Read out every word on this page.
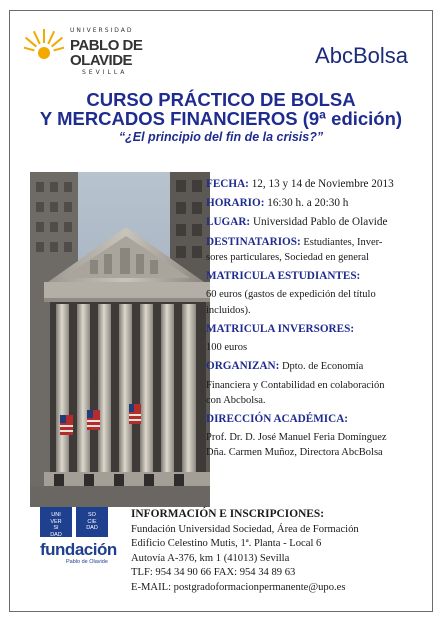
UNIVERSIDAD
PABLO DE
OLAVIDE
SEVILLA
AbcBolsa
CURSO PRÁCTICO DE BOLSA
Y MERCADOS FINANCIEROS (9ª edición)
“¿El principio del fin de la crisis?”
FECHA: 12, 13 y 14 de Noviembre 2013
HORARIO: 16:30 h. a 20:30 h
LUGAR: Universidad Pablo de Olavide
DESTINATARIOS: Estudiantes, Inver-
sores particulares, Sociedad en general
MATRICULA ESTUDIANTES:
60 euros (gastos de expedición del título
incluidos).
MATRICULA INVERSORES:
100 euros
ORGANIZAN: Dpto. de Economía
Financiera y Contabilidad en colaboración
con Abcbolsa.
DIRECCIÓN ACADÉMICA:
Prof. Dr. D. José Manuel Feria Domínguez
Dña. Carmen Muñoz, Directora AbcBolsa
UNI
VER
SI
DAD
SO
CIE
DAD
fundación
Pablo de Olavide
INFORMACIÓN E INSCRIPCIONES:
Fundación Universidad Sociedad, Área de Formación
Edificio Celestino Mutis, 1ª. Planta - Local 6
Autovía A-376, km 1 (41013) Sevilla
TLF: 954 34 90 66 FAX: 954 34 89 63
E-MAIL: postgradoformacionpermanente@upo.es
